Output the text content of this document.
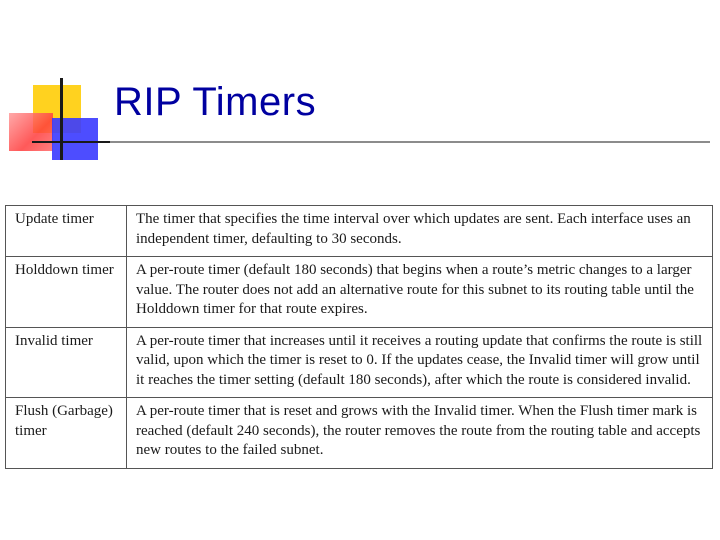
RIP Timers
Update timer	The timer that specifies the time interval over which updates are sent. Each interface uses an independent timer, defaulting to 30 seconds.
Holddown timer	A per-route timer (default 180 seconds) that begins when a route’s metric changes to a larger value. The router does not add an alternative route for this subnet to its routing table until the Holddown timer for that route expires.
Invalid timer	A per-route timer that increases until it receives a routing update that confirms the route is still valid, upon which the timer is reset to 0. If the updates cease, the Invalid timer will grow until it reaches the timer setting (default 180 seconds), after which the route is considered invalid.
Flush (Garbage) timer	A per-route timer that is reset and grows with the Invalid timer. When the Flush timer mark is reached (default 240 seconds), the router removes the route from the routing table and accepts new routes to the failed subnet.
